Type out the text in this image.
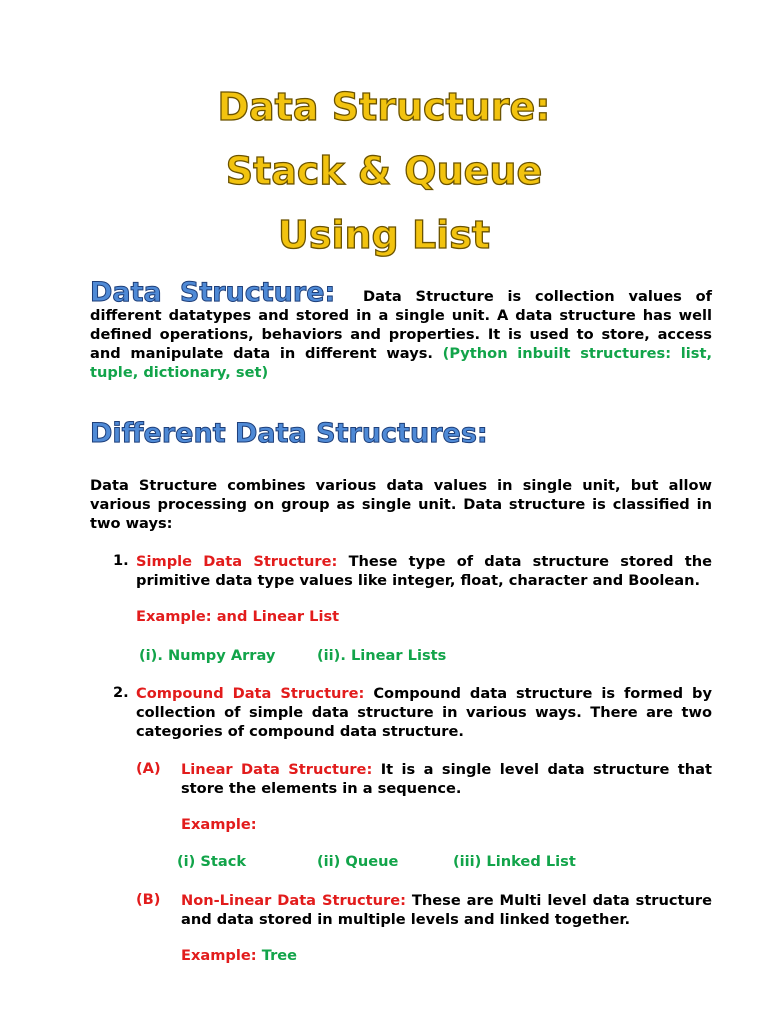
Data Structure:
Stack & Queue
Using List
Data Structure: Data Structure is collection values of different datatypes and stored in a single unit. A data structure has well defined operations, behaviors and properties. It is used to store, access and manipulate data in different ways. (Python inbuilt structures: list, tuple, dictionary, set)
Different Data Structures:
Data Structure combines various data values in single unit, but allow various processing on group as single unit. Data structure is classified in two ways:
1. Simple Data Structure: These type of data structure stored the primitive data type values like integer, float, character and Boolean.
Example: and Linear List
(i). Numpy Array	(ii). Linear Lists
2. Compound Data Structure: Compound data structure is formed by collection of simple data structure in various ways. There are two categories of compound data structure.
(A) Linear Data Structure: It is a single level data structure that store the elements in a sequence.
Example:
(i) Stack	(ii) Queue	(iii) Linked List
(B) Non-Linear Data Structure: These are Multi level data structure and data stored in multiple levels and linked together.
Example: Tree
